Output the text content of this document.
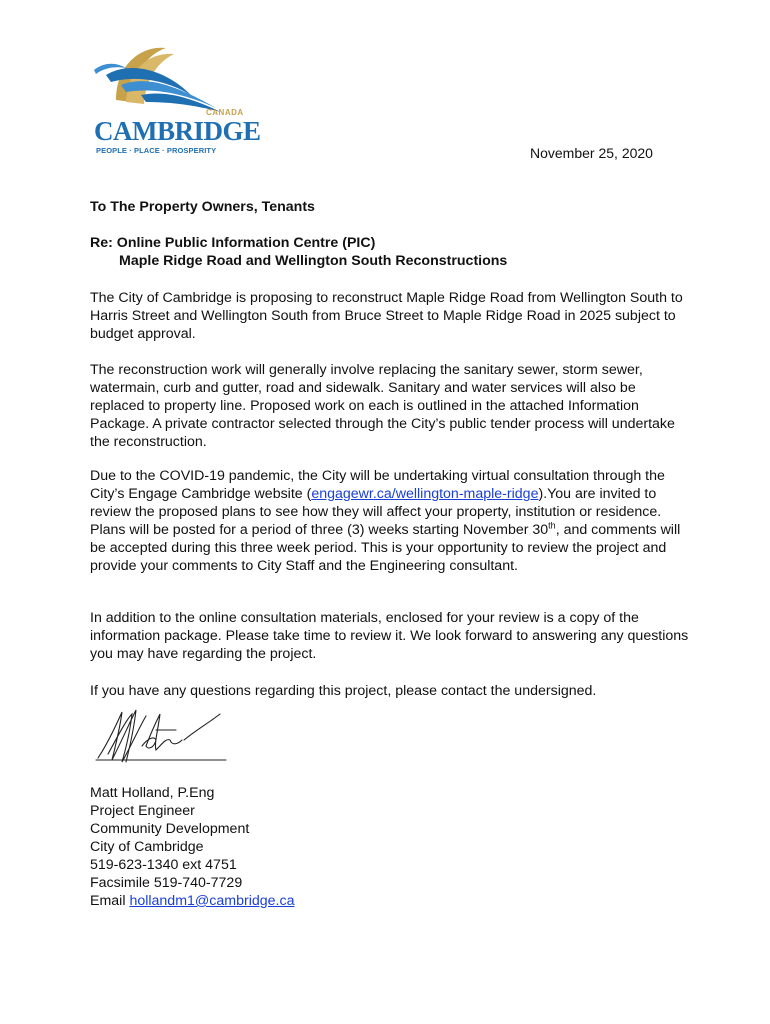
CANADA
CAMBRIDGE
PEOPLE · PLACE · PROSPERITY	November 25, 2020
To The Property Owners, Tenants
Re: Online Public Information Centre (PIC)
Maple Ridge Road and Wellington South Reconstructions

The City of Cambridge is proposing to reconstruct Maple Ridge Road from Wellington South to Harris Street and Wellington South from Bruce Street to Maple Ridge Road in 2025 subject to budget approval.

The reconstruction work will generally involve replacing the sanitary sewer, storm sewer, watermain, curb and gutter, road and sidewalk. Sanitary and water services will also be replaced to property line. Proposed work on each is outlined in the attached Information Package. A private contractor selected through the City’s public tender process will undertake the reconstruction.

Due to the COVID-19 pandemic, the City will be undertaking virtual consultation through the City’s Engage Cambridge website (engagewr.ca/wellington-maple-ridge).You are invited to review the proposed plans to see how they will affect your property, institution or residence. Plans will be posted for a period of three (3) weeks starting November 30th, and comments will be accepted during this three week period. This is your opportunity to review the project and provide your comments to City Staff and the Engineering consultant.

In addition to the online consultation materials, enclosed for your review is a copy of the information package. Please take time to review it. We look forward to answering any questions you may have regarding the project.

If you have any questions regarding this project, please contact the undersigned.

Matt Holland, P.Eng
Project Engineer
Community Development
City of Cambridge
519-623-1340 ext 4751
Facsimile 519-740-7729
Email hollandm1@cambridge.ca
